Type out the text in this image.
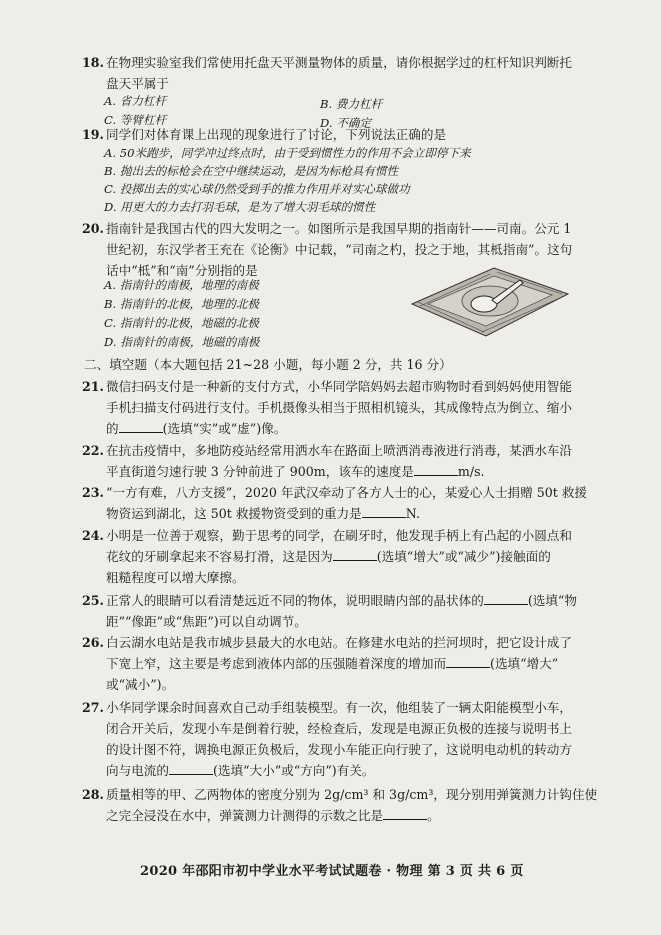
18. 在物理实验室我们常使用托盘天平测量物体的质量，请你根据学过的杠杆知识判断托
盘天平属于
A. 省力杠杆	B. 费力杠杆
C. 等臂杠杆	D. 不确定
19. 同学们对体育课上出现的现象进行了讨论，下列说法正确的是
A. 50米跑步，同学冲过终点时，由于受到惯性力的作用不会立即停下来
B. 抛出去的标枪会在空中继续运动，是因为标枪具有惯性
C. 投掷出去的实心球仍然受到手的推力作用并对实心球做功
D. 用更大的力去打羽毛球，是为了增大羽毛球的惯性
20. 指南针是我国古代的四大发明之一。如图所示是我国早期的指南针——司南。公元 1
世纪初，东汉学者王充在《论衡》中记载，“司南之杓，投之于地，其柢指南”。这句
话中“柢”和“南”分别指的是
A. 指南针的南极，地理的南极
B. 指南针的北极，地理的北极
C. 指南针的北极，地磁的北极
D. 指南针的南极，地磁的南极
二、填空题（本大题包括 21~28 小题，每小题 2 分，共 16 分）
21. 微信扫码支付是一种新的支付方式，小华同学陪妈妈去超市购物时看到妈妈使用智能
手机扫描支付码进行支付。手机摄像头相当于照相机镜头，其成像特点为倒立、缩小
的	(选填“实”或“虚”)像。
22. 在抗击疫情中，多地防疫站经常用洒水车在路面上喷洒消毒液进行消毒，某洒水车沿
平直街道匀速行驶 3 分钟前进了 900m，该车的速度是	m/s.
23. “一方有难，八方支援”，2020 年武汉牵动了各方人士的心，某爱心人士捐赠 50t 救援
物资运到湖北，这 50t 救援物资受到的重力是	N.
24. 小明是一位善于观察，勤于思考的同学，在刷牙时，他发现手柄上有凸起的小圆点和
花纹的牙刷拿起来不容易打滑，这是因为	(选填“增大”或“减少”)接触面的
粗糙程度可以增大摩擦。
25. 正常人的眼睛可以看清楚远近不同的物体，说明眼睛内部的晶状体的	(选填“物
距”“像距”或“焦距”)可以自动调节。
26. 白云湖水电站是我市城步县最大的水电站。在修建水电站的拦河坝时，把它设计成了
下宽上窄，这主要是考虑到液体内部的压强随着深度的增加而	(选填“增大”
或“减小”)。
27. 小华同学课余时间喜欢自己动手组装模型。有一次，他组装了一辆太阳能模型小车，
闭合开关后，发现小车是倒着行驶，经检查后，发现是电源正负极的连接与说明书上
的设计图不符，调换电源正负极后，发现小车能正向行驶了，这说明电动机的转动方
向与电流的	(选填“大小”或“方向”)有关。
28. 质量相等的甲、乙两物体的密度分别为 2g/cm³ 和 3g/cm³，现分别用弹簧测力计钩住使
之完全浸没在水中，弹簧测力计测得的示数之比是	。
2020 年邵阳市初中学业水平考试试题卷 · 物理 第 3 页 共 6 页
